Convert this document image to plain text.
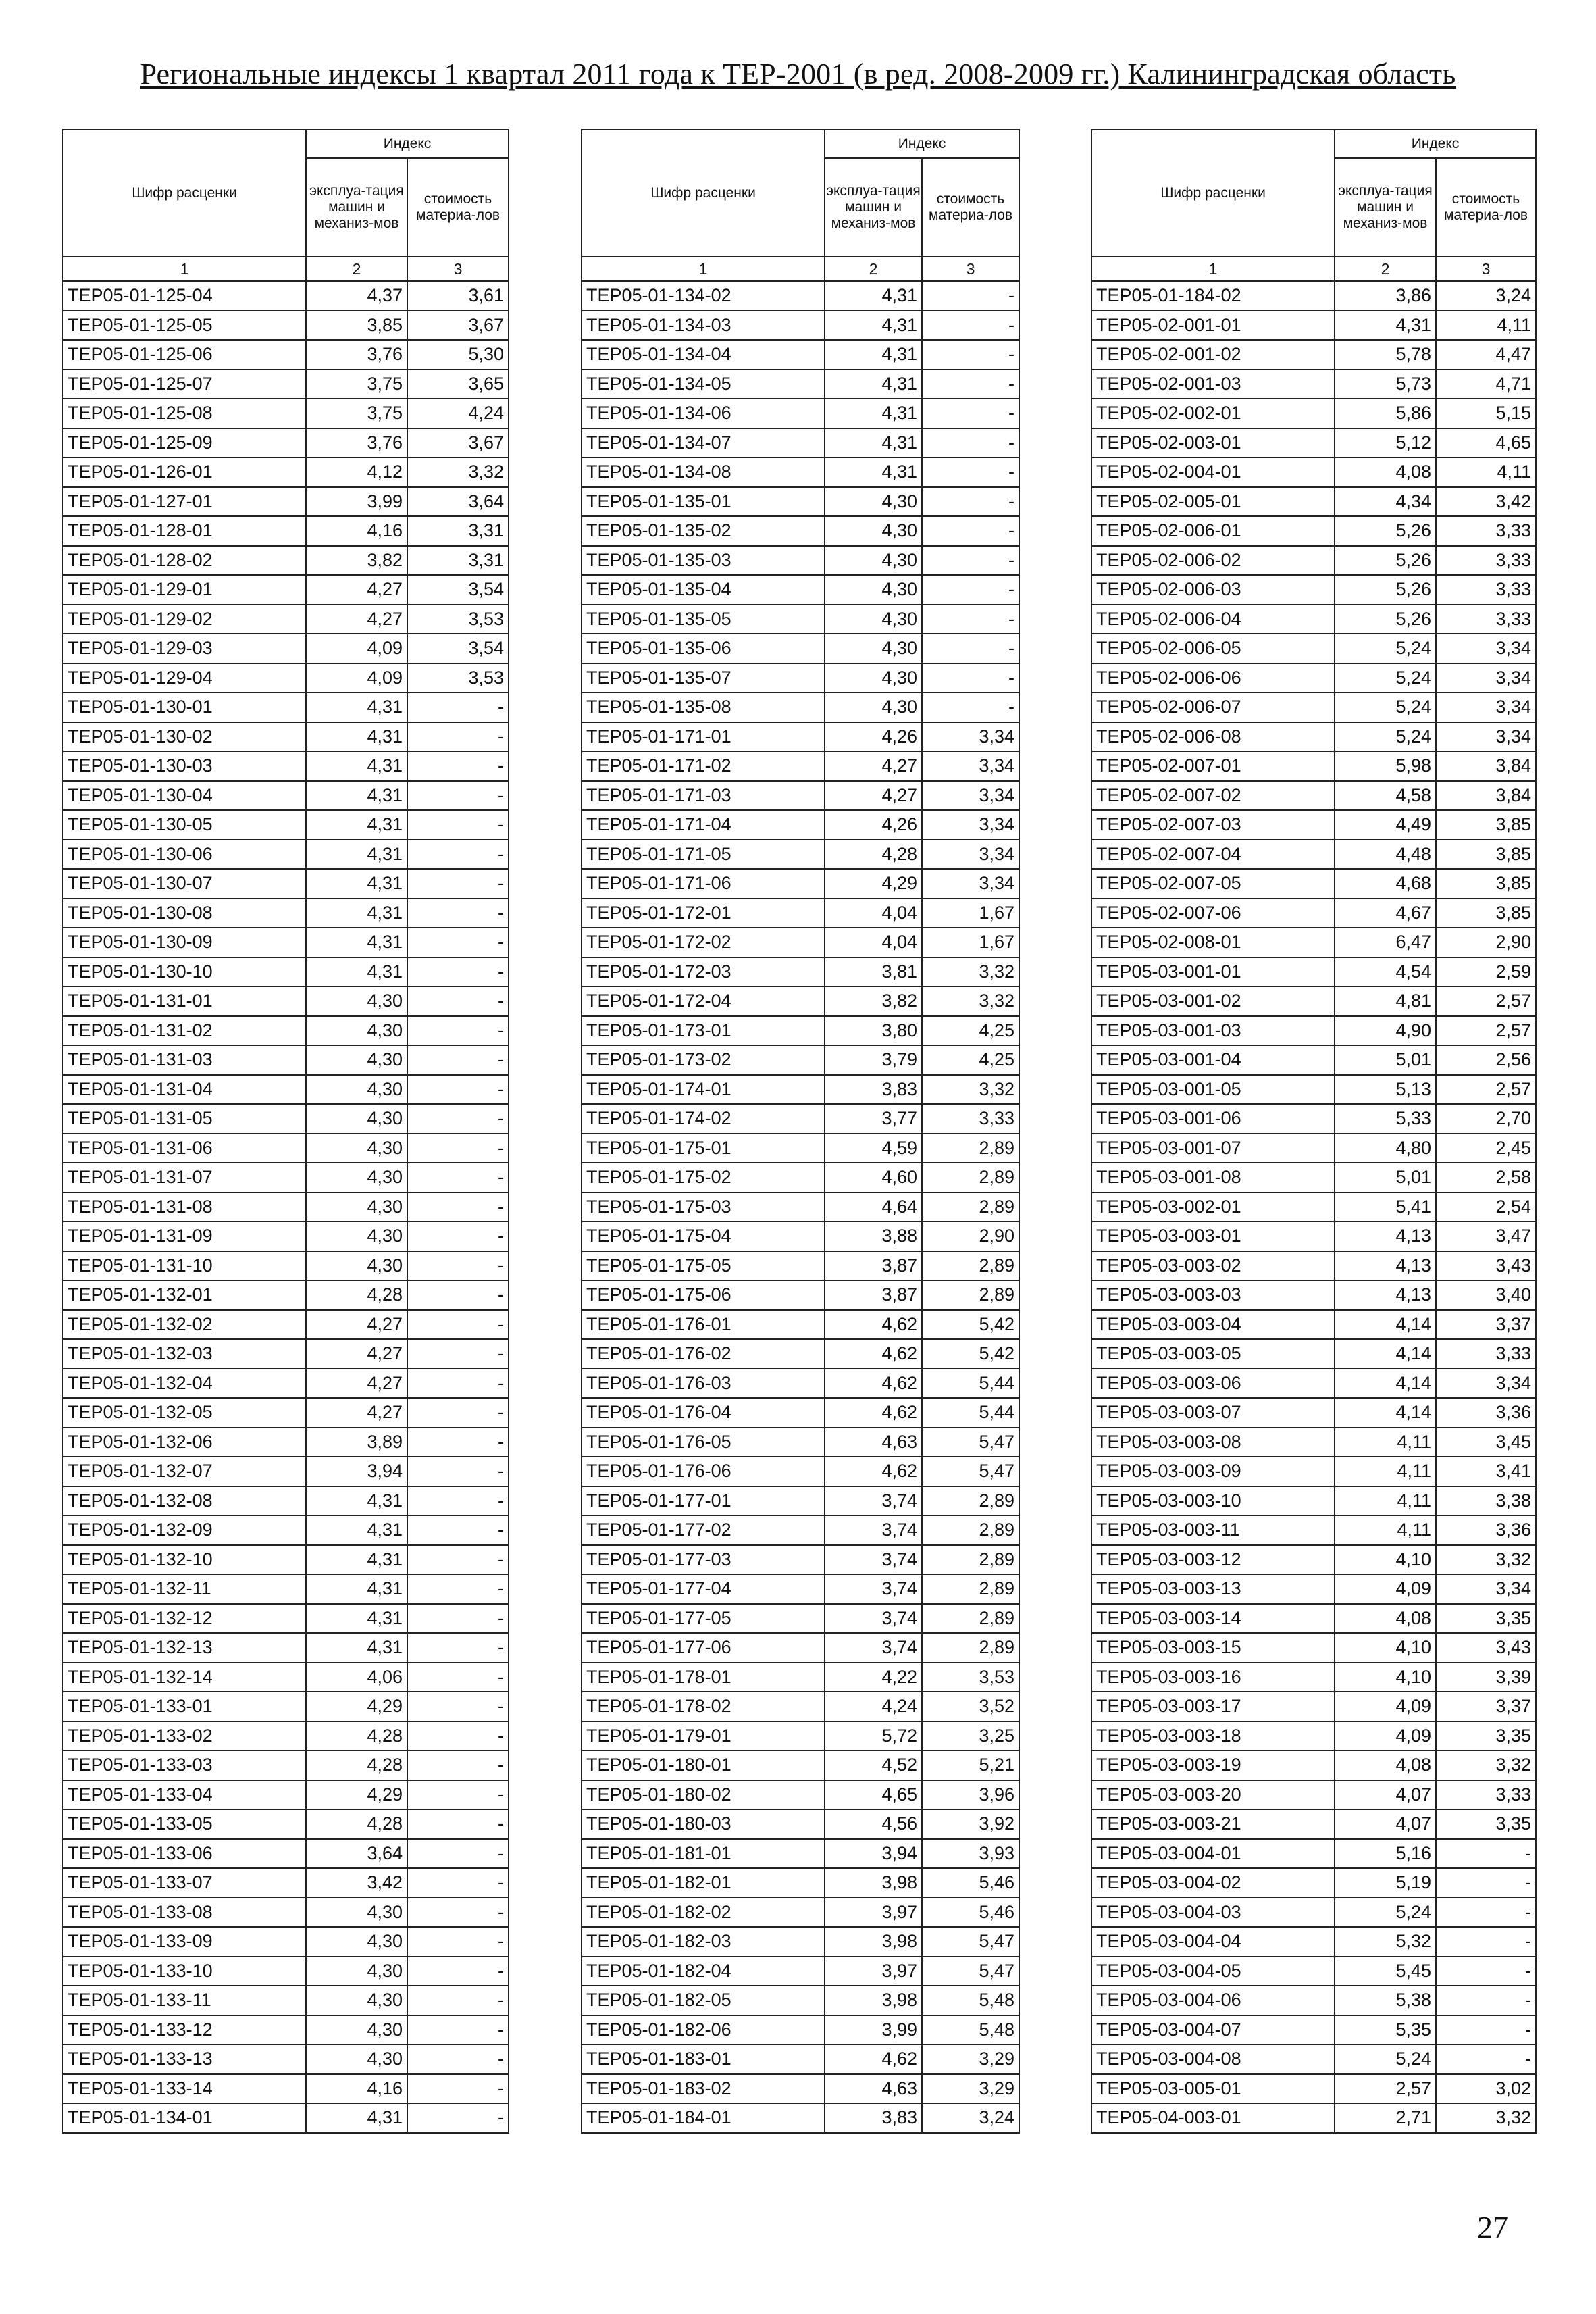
Региональные индексы 1 квартал 2011 года к ТЕР-2001 (в ред. 2008-2009 гг.) Калининградская область
Шифр расценки	Индекс	
	эксплуа-тация машин и механиз-мов	стоимость материа-лов
1	2	3
ТЕР05-01-125-04	4,37	3,61
ТЕР05-01-125-05	3,85	3,67
ТЕР05-01-125-06	3,76	5,30
ТЕР05-01-125-07	3,75	3,65
ТЕР05-01-125-08	3,75	4,24
ТЕР05-01-125-09	3,76	3,67
ТЕР05-01-126-01	4,12	3,32
ТЕР05-01-127-01	3,99	3,64
ТЕР05-01-128-01	4,16	3,31
ТЕР05-01-128-02	3,82	3,31
ТЕР05-01-129-01	4,27	3,54
ТЕР05-01-129-02	4,27	3,53
ТЕР05-01-129-03	4,09	3,54
ТЕР05-01-129-04	4,09	3,53
ТЕР05-01-130-01	4,31	-
ТЕР05-01-130-02	4,31	-
ТЕР05-01-130-03	4,31	-
ТЕР05-01-130-04	4,31	-
ТЕР05-01-130-05	4,31	-
ТЕР05-01-130-06	4,31	-
ТЕР05-01-130-07	4,31	-
ТЕР05-01-130-08	4,31	-
ТЕР05-01-130-09	4,31	-
ТЕР05-01-130-10	4,31	-
ТЕР05-01-131-01	4,30	-
ТЕР05-01-131-02	4,30	-
ТЕР05-01-131-03	4,30	-
ТЕР05-01-131-04	4,30	-
ТЕР05-01-131-05	4,30	-
ТЕР05-01-131-06	4,30	-
ТЕР05-01-131-07	4,30	-
ТЕР05-01-131-08	4,30	-
ТЕР05-01-131-09	4,30	-
ТЕР05-01-131-10	4,30	-
ТЕР05-01-132-01	4,28	-
ТЕР05-01-132-02	4,27	-
ТЕР05-01-132-03	4,27	-
ТЕР05-01-132-04	4,27	-
ТЕР05-01-132-05	4,27	-
ТЕР05-01-132-06	3,89	-
ТЕР05-01-132-07	3,94	-
ТЕР05-01-132-08	4,31	-
ТЕР05-01-132-09	4,31	-
ТЕР05-01-132-10	4,31	-
ТЕР05-01-132-11	4,31	-
ТЕР05-01-132-12	4,31	-
ТЕР05-01-132-13	4,31	-
ТЕР05-01-132-14	4,06	-
ТЕР05-01-133-01	4,29	-
ТЕР05-01-133-02	4,28	-
ТЕР05-01-133-03	4,28	-
ТЕР05-01-133-04	4,29	-
ТЕР05-01-133-05	4,28	-
ТЕР05-01-133-06	3,64	-
ТЕР05-01-133-07	3,42	-
ТЕР05-01-133-08	4,30	-
ТЕР05-01-133-09	4,30	-
ТЕР05-01-133-10	4,30	-
ТЕР05-01-133-11	4,30	-
ТЕР05-01-133-12	4,30	-
ТЕР05-01-133-13	4,30	-
ТЕР05-01-133-14	4,16	-
ТЕР05-01-134-01	4,31	-
Шифр расценки	Индекс	
	эксплуа-тация машин и механиз-мов	стоимость материа-лов
1	2	3
ТЕР05-01-134-02	4,31	-
ТЕР05-01-134-03	4,31	-
ТЕР05-01-134-04	4,31	-
ТЕР05-01-134-05	4,31	-
ТЕР05-01-134-06	4,31	-
ТЕР05-01-134-07	4,31	-
ТЕР05-01-134-08	4,31	-
ТЕР05-01-135-01	4,30	-
ТЕР05-01-135-02	4,30	-
ТЕР05-01-135-03	4,30	-
ТЕР05-01-135-04	4,30	-
ТЕР05-01-135-05	4,30	-
ТЕР05-01-135-06	4,30	-
ТЕР05-01-135-07	4,30	-
ТЕР05-01-135-08	4,30	-
ТЕР05-01-171-01	4,26	3,34
ТЕР05-01-171-02	4,27	3,34
ТЕР05-01-171-03	4,27	3,34
ТЕР05-01-171-04	4,26	3,34
ТЕР05-01-171-05	4,28	3,34
ТЕР05-01-171-06	4,29	3,34
ТЕР05-01-172-01	4,04	1,67
ТЕР05-01-172-02	4,04	1,67
ТЕР05-01-172-03	3,81	3,32
ТЕР05-01-172-04	3,82	3,32
ТЕР05-01-173-01	3,80	4,25
ТЕР05-01-173-02	3,79	4,25
ТЕР05-01-174-01	3,83	3,32
ТЕР05-01-174-02	3,77	3,33
ТЕР05-01-175-01	4,59	2,89
ТЕР05-01-175-02	4,60	2,89
ТЕР05-01-175-03	4,64	2,89
ТЕР05-01-175-04	3,88	2,90
ТЕР05-01-175-05	3,87	2,89
ТЕР05-01-175-06	3,87	2,89
ТЕР05-01-176-01	4,62	5,42
ТЕР05-01-176-02	4,62	5,42
ТЕР05-01-176-03	4,62	5,44
ТЕР05-01-176-04	4,62	5,44
ТЕР05-01-176-05	4,63	5,47
ТЕР05-01-176-06	4,62	5,47
ТЕР05-01-177-01	3,74	2,89
ТЕР05-01-177-02	3,74	2,89
ТЕР05-01-177-03	3,74	2,89
ТЕР05-01-177-04	3,74	2,89
ТЕР05-01-177-05	3,74	2,89
ТЕР05-01-177-06	3,74	2,89
ТЕР05-01-178-01	4,22	3,53
ТЕР05-01-178-02	4,24	3,52
ТЕР05-01-179-01	5,72	3,25
ТЕР05-01-180-01	4,52	5,21
ТЕР05-01-180-02	4,65	3,96
ТЕР05-01-180-03	4,56	3,92
ТЕР05-01-181-01	3,94	3,93
ТЕР05-01-182-01	3,98	5,46
ТЕР05-01-182-02	3,97	5,46
ТЕР05-01-182-03	3,98	5,47
ТЕР05-01-182-04	3,97	5,47
ТЕР05-01-182-05	3,98	5,48
ТЕР05-01-182-06	3,99	5,48
ТЕР05-01-183-01	4,62	3,29
ТЕР05-01-183-02	4,63	3,29
ТЕР05-01-184-01	3,83	3,24
Шифр расценки	Индекс	
	эксплуа-тация машин и механиз-мов	стоимость материа-лов
1	2	3
ТЕР05-01-184-02	3,86	3,24
ТЕР05-02-001-01	4,31	4,11
ТЕР05-02-001-02	5,78	4,47
ТЕР05-02-001-03	5,73	4,71
ТЕР05-02-002-01	5,86	5,15
ТЕР05-02-003-01	5,12	4,65
ТЕР05-02-004-01	4,08	4,11
ТЕР05-02-005-01	4,34	3,42
ТЕР05-02-006-01	5,26	3,33
ТЕР05-02-006-02	5,26	3,33
ТЕР05-02-006-03	5,26	3,33
ТЕР05-02-006-04	5,26	3,33
ТЕР05-02-006-05	5,24	3,34
ТЕР05-02-006-06	5,24	3,34
ТЕР05-02-006-07	5,24	3,34
ТЕР05-02-006-08	5,24	3,34
ТЕР05-02-007-01	5,98	3,84
ТЕР05-02-007-02	4,58	3,84
ТЕР05-02-007-03	4,49	3,85
ТЕР05-02-007-04	4,48	3,85
ТЕР05-02-007-05	4,68	3,85
ТЕР05-02-007-06	4,67	3,85
ТЕР05-02-008-01	6,47	2,90
ТЕР05-03-001-01	4,54	2,59
ТЕР05-03-001-02	4,81	2,57
ТЕР05-03-001-03	4,90	2,57
ТЕР05-03-001-04	5,01	2,56
ТЕР05-03-001-05	5,13	2,57
ТЕР05-03-001-06	5,33	2,70
ТЕР05-03-001-07	4,80	2,45
ТЕР05-03-001-08	5,01	2,58
ТЕР05-03-002-01	5,41	2,54
ТЕР05-03-003-01	4,13	3,47
ТЕР05-03-003-02	4,13	3,43
ТЕР05-03-003-03	4,13	3,40
ТЕР05-03-003-04	4,14	3,37
ТЕР05-03-003-05	4,14	3,33
ТЕР05-03-003-06	4,14	3,34
ТЕР05-03-003-07	4,14	3,36
ТЕР05-03-003-08	4,11	3,45
ТЕР05-03-003-09	4,11	3,41
ТЕР05-03-003-10	4,11	3,38
ТЕР05-03-003-11	4,11	3,36
ТЕР05-03-003-12	4,10	3,32
ТЕР05-03-003-13	4,09	3,34
ТЕР05-03-003-14	4,08	3,35
ТЕР05-03-003-15	4,10	3,43
ТЕР05-03-003-16	4,10	3,39
ТЕР05-03-003-17	4,09	3,37
ТЕР05-03-003-18	4,09	3,35
ТЕР05-03-003-19	4,08	3,32
ТЕР05-03-003-20	4,07	3,33
ТЕР05-03-003-21	4,07	3,35
ТЕР05-03-004-01	5,16	-
ТЕР05-03-004-02	5,19	-
ТЕР05-03-004-03	5,24	-
ТЕР05-03-004-04	5,32	-
ТЕР05-03-004-05	5,45	-
ТЕР05-03-004-06	5,38	-
ТЕР05-03-004-07	5,35	-
ТЕР05-03-004-08	5,24	-
ТЕР05-03-005-01	2,57	3,02
ТЕР05-04-003-01	2,71	3,32
27
